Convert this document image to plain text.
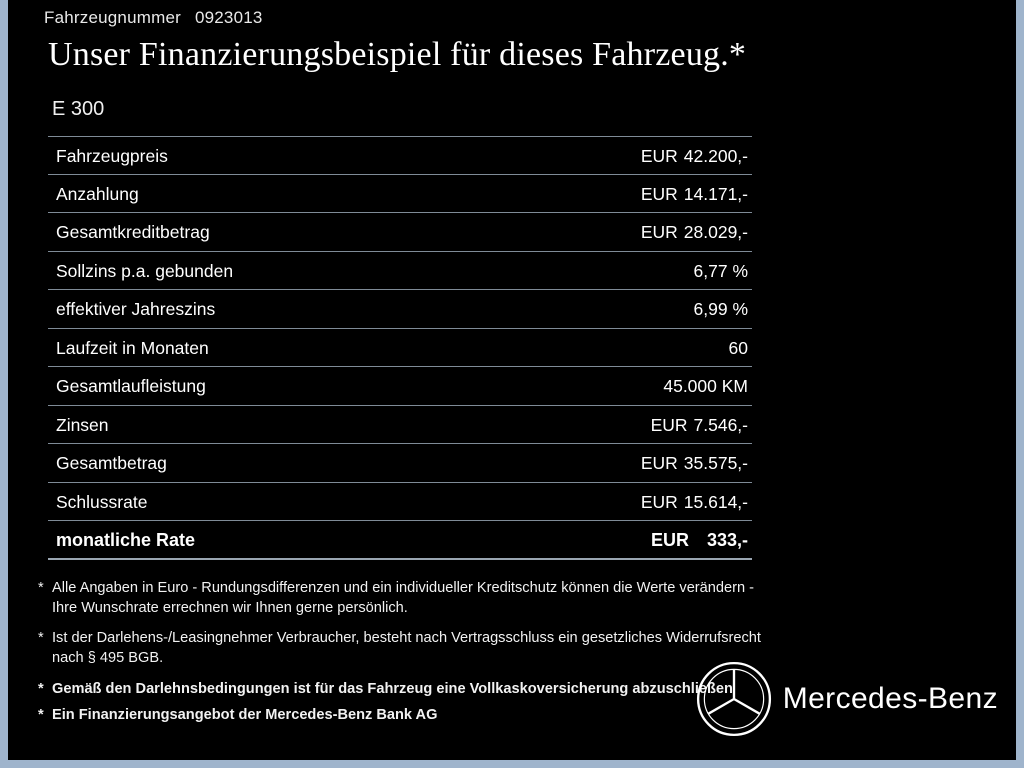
Fahrzeugnummer 0923013
Unser Finanzierungsbeispiel für dieses Fahrzeug.*
E 300
Fahrzeugpreis	EUR 42.200,-
Anzahlung	EUR 14.171,-
Gesamtkreditbetrag	EUR 28.029,-
Sollzins p.a. gebunden	6,77 %
effektiver Jahreszins	6,99 %
Laufzeit in Monaten	60
Gesamtlaufleistung	45.000 KM
Zinsen	EUR 7.546,-
Gesamtbetrag	EUR 35.575,-
Schlussrate	EUR 15.614,-
monatliche Rate	EUR 333,-
* Alle Angaben in Euro - Rundungsdifferenzen und ein individueller Kreditschutz können die Werte verändern - Ihre Wunschrate errechnen wir Ihnen gerne persönlich.
* Ist der Darlehens-/Leasingnehmer Verbraucher, besteht nach Vertragsschluss ein gesetzliches Widerrufsrecht nach § 495 BGB.
* Gemäß den Darlehnsbedingungen ist für das Fahrzeug eine Vollkaskoversicherung abzuschließen
* Ein Finanzierungsangebot der Mercedes-Benz Bank AG	Mercedes-Benz
